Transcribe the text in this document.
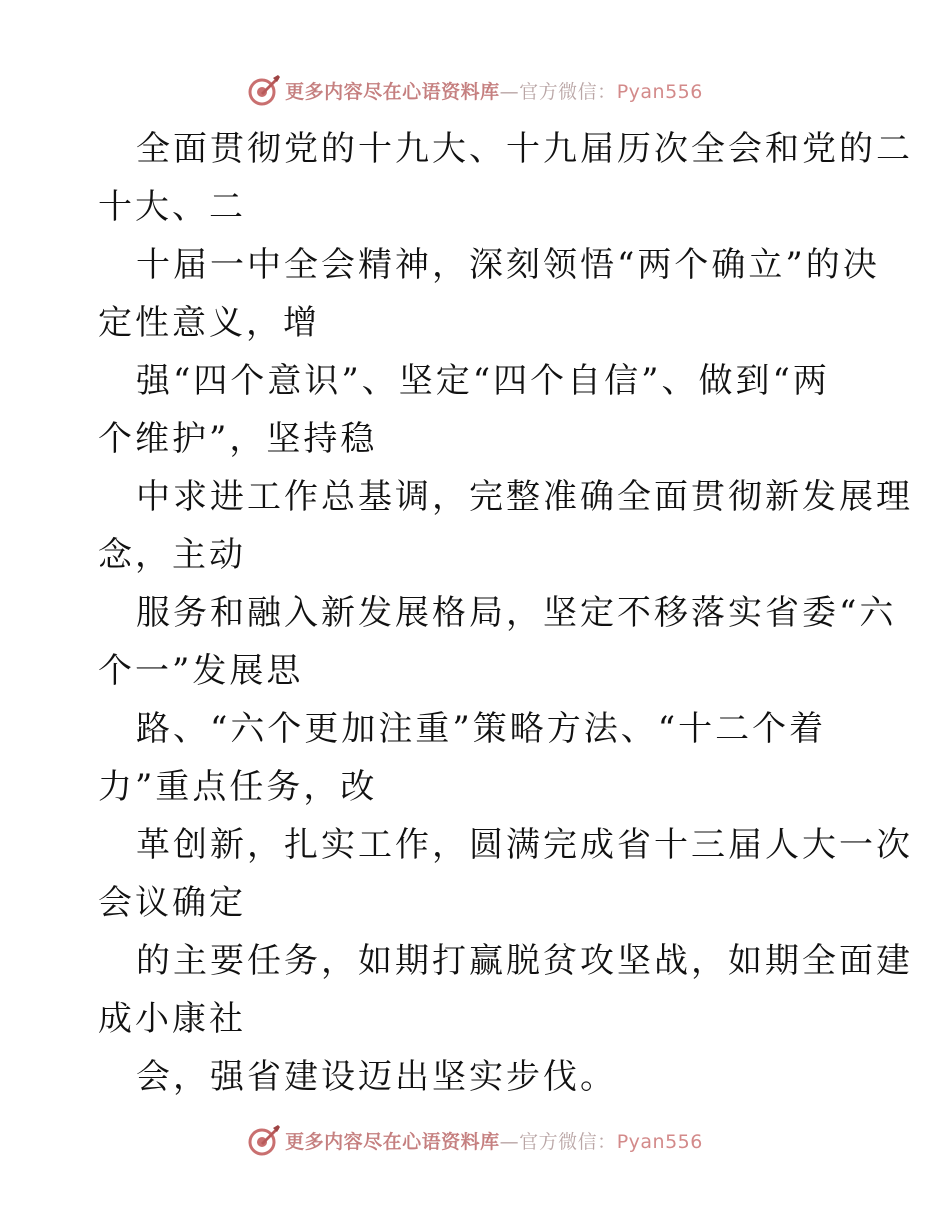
更多内容尽在心语资料库—官方微信：Pyan556
全面贯彻党的十九大、十九届历次全会和党的二
十大、二
十届一中全会精神，深刻领悟“两个确立”的决
定性意义，增
强“四个意识”、坚定“四个自信”、做到“两
个维护”，坚持稳
中求进工作总基调，完整准确全面贯彻新发展理
念，主动
服务和融入新发展格局，坚定不移落实省委“六
个一”发展思
路、“六个更加注重”策略方法、“十二个着
力”重点任务，改
革创新，扎实工作，圆满完成省十三届人大一次
会议确定
的主要任务，如期打赢脱贫攻坚战，如期全面建
成小康社
会，强省建设迈出坚实步伐。
更多内容尽在心语资料库—官方微信：Pyan556
